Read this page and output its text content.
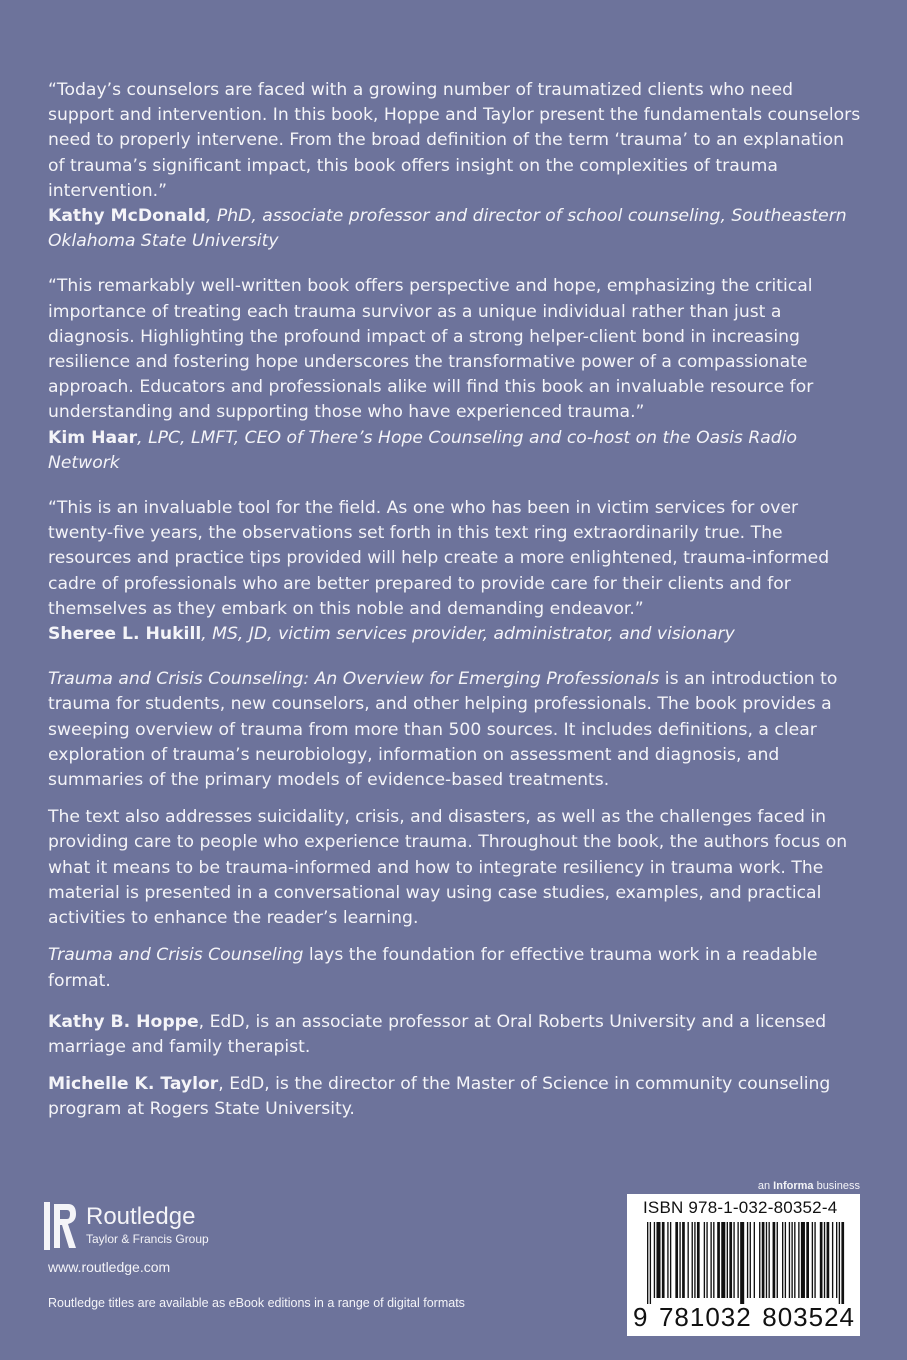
“Today’s counselors are faced with a growing number of traumatized clients who need support and intervention. In this book, Hoppe and Taylor present the fundamentals counselors need to properly intervene. From the broad definition of the term ‘trauma’ to an explanation of trauma’s significant impact, this book offers insight on the complexities of trauma intervention.”

Kathy McDonald, PhD, associate professor and director of school counseling, Southeastern Oklahoma State University

“This remarkably well-written book offers perspective and hope, emphasizing the critical importance of treating each trauma survivor as a unique individual rather than just a diagnosis. Highlighting the profound impact of a strong helper-client bond in increasing resilience and fostering hope underscores the transformative power of a compassionate approach. Educators and professionals alike will find this book an invaluable resource for understanding and supporting those who have experienced trauma.”

Kim Haar, LPC, LMFT, CEO of There’s Hope Counseling and co-host on the Oasis Radio Network

“This is an invaluable tool for the field. As one who has been in victim services for over twenty-five years, the observations set forth in this text ring extraordinarily true. The resources and practice tips provided will help create a more enlightened, trauma-informed cadre of professionals who are better prepared to provide care for their clients and for themselves as they embark on this noble and demanding endeavor.”

Sheree L. Hukill, MS, JD, victim services provider, administrator, and visionary

Trauma and Crisis Counseling: An Overview for Emerging Professionals is an introduction to trauma for students, new counselors, and other helping professionals. The book provides a sweeping overview of trauma from more than 500 sources. It includes definitions, a clear exploration of trauma’s neurobiology, information on assessment and diagnosis, and summaries of the primary models of evidence-based treatments.

The text also addresses suicidality, crisis, and disasters, as well as the challenges faced in providing care to people who experience trauma. Throughout the book, the authors focus on what it means to be trauma-informed and how to integrate resiliency in trauma work. The material is presented in a conversational way using case studies, examples, and practical activities to enhance the reader’s learning.

Trauma and Crisis Counseling lays the foundation for effective trauma work in a readable format.

Kathy B. Hoppe, EdD, is an associate professor at Oral Roberts University and a licensed marriage and family therapist.

Michelle K. Taylor, EdD, is the director of the Master of Science in community counseling program at Rogers State University.

Routledge
Taylor & Francis Group
www.routledge.com
Routledge titles are available as eBook editions in a range of digital formats
an Informa business
ISBN 978-1-032-80352-4
9 781032 803524
